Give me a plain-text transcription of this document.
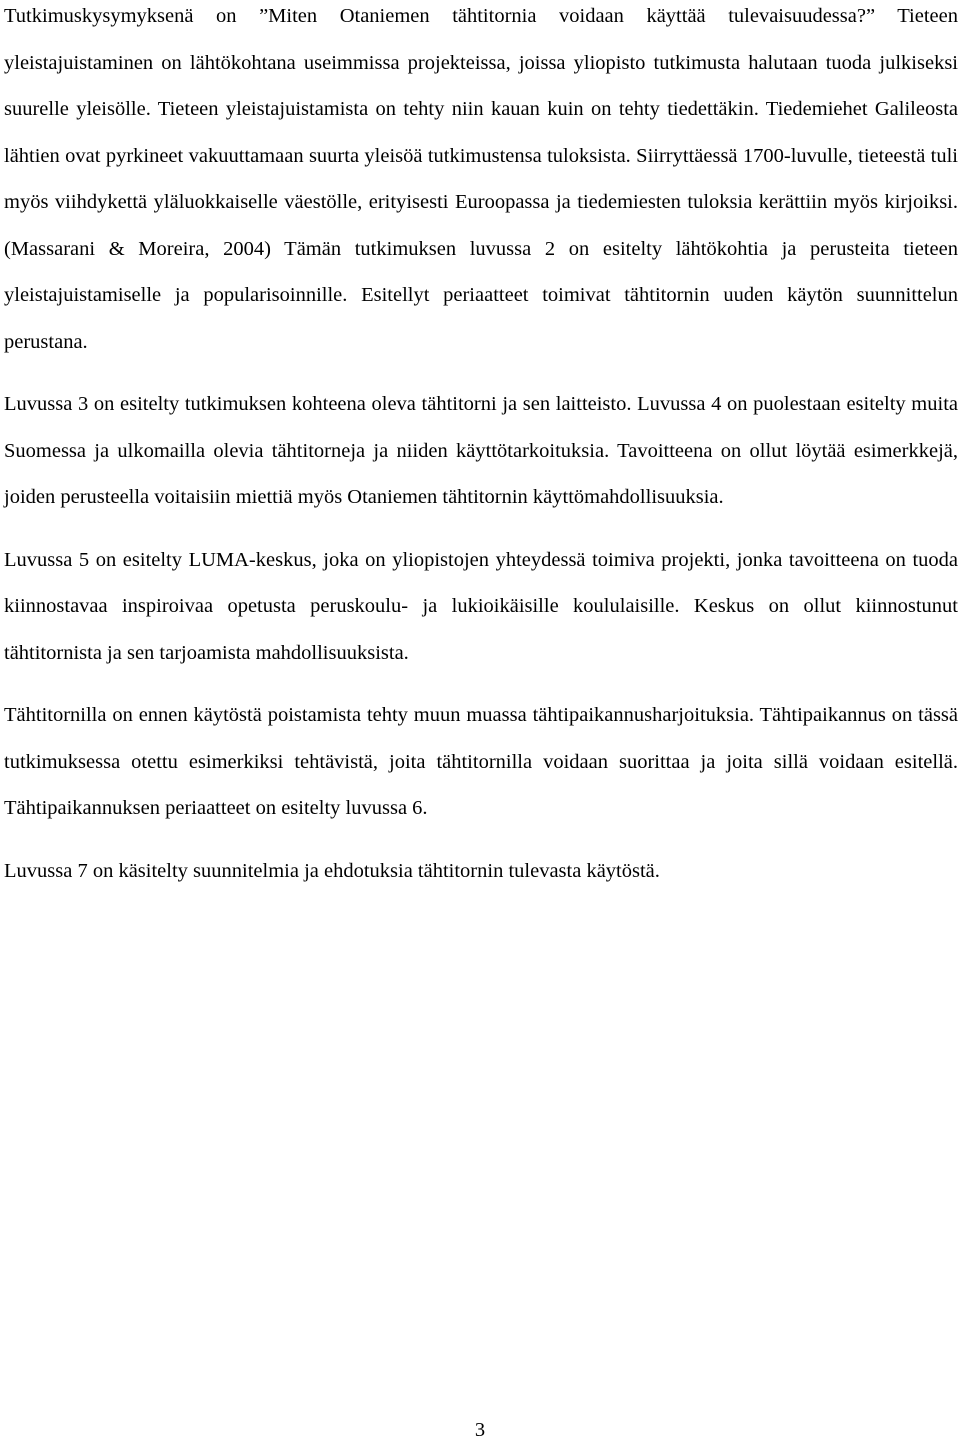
Tutkimuskysymyksenä on ”Miten Otaniemen tähtitornia voidaan käyttää tulevaisuudessa?” Tieteen yleistajuistaminen on lähtökohtana useimmissa projekteissa, joissa yliopisto tutkimusta halutaan tuoda julkiseksi suurelle yleisölle. Tieteen yleistajuistamista on tehty niin kauan kuin on tehty tiedettäkin. Tiedemiehet Galileosta lähtien ovat pyrkineet vakuuttamaan suurta yleisöä tutkimustensa tuloksista. Siirryttäessä 1700-luvulle, tieteestä tuli myös viihdykettä yläluokkaiselle väestölle, erityisesti Euroopassa ja tiedemiesten tuloksia kerättiin myös kirjoiksi. (Massarani & Moreira, 2004) Tämän tutkimuksen luvussa 2 on esitelty lähtökohtia ja perusteita tieteen yleistajuistamiselle ja popularisoinnille. Esitellyt periaatteet toimivat tähtitornin uuden käytön suunnittelun perustana.

Luvussa 3 on esitelty tutkimuksen kohteena oleva tähtitorni ja sen laitteisto. Luvussa 4 on puolestaan esitelty muita Suomessa ja ulkomailla olevia tähtitorneja ja niiden käyttötarkoituksia. Tavoitteena on ollut löytää esimerkkejä, joiden perusteella voitaisiin miettiä myös Otaniemen tähtitornin käyttömahdollisuuksia.

Luvussa 5 on esitelty LUMA-keskus, joka on yliopistojen yhteydessä toimiva projekti, jonka tavoitteena on tuoda kiinnostavaa inspiroivaa opetusta peruskoulu- ja lukioikäisille koululaisille. Keskus on ollut kiinnostunut tähtitornista ja sen tarjoamista mahdollisuuksista.

Tähtitornilla on ennen käytöstä poistamista tehty muun muassa tähtipaikannusharjoituksia. Tähtipaikannus on tässä tutkimuksessa otettu esimerkiksi tehtävistä, joita tähtitornilla voidaan suorittaa ja joita sillä voidaan esitellä. Tähtipaikannuksen periaatteet on esitelty luvussa 6.

Luvussa 7 on käsitelty suunnitelmia ja ehdotuksia tähtitornin tulevasta käytöstä.

3
